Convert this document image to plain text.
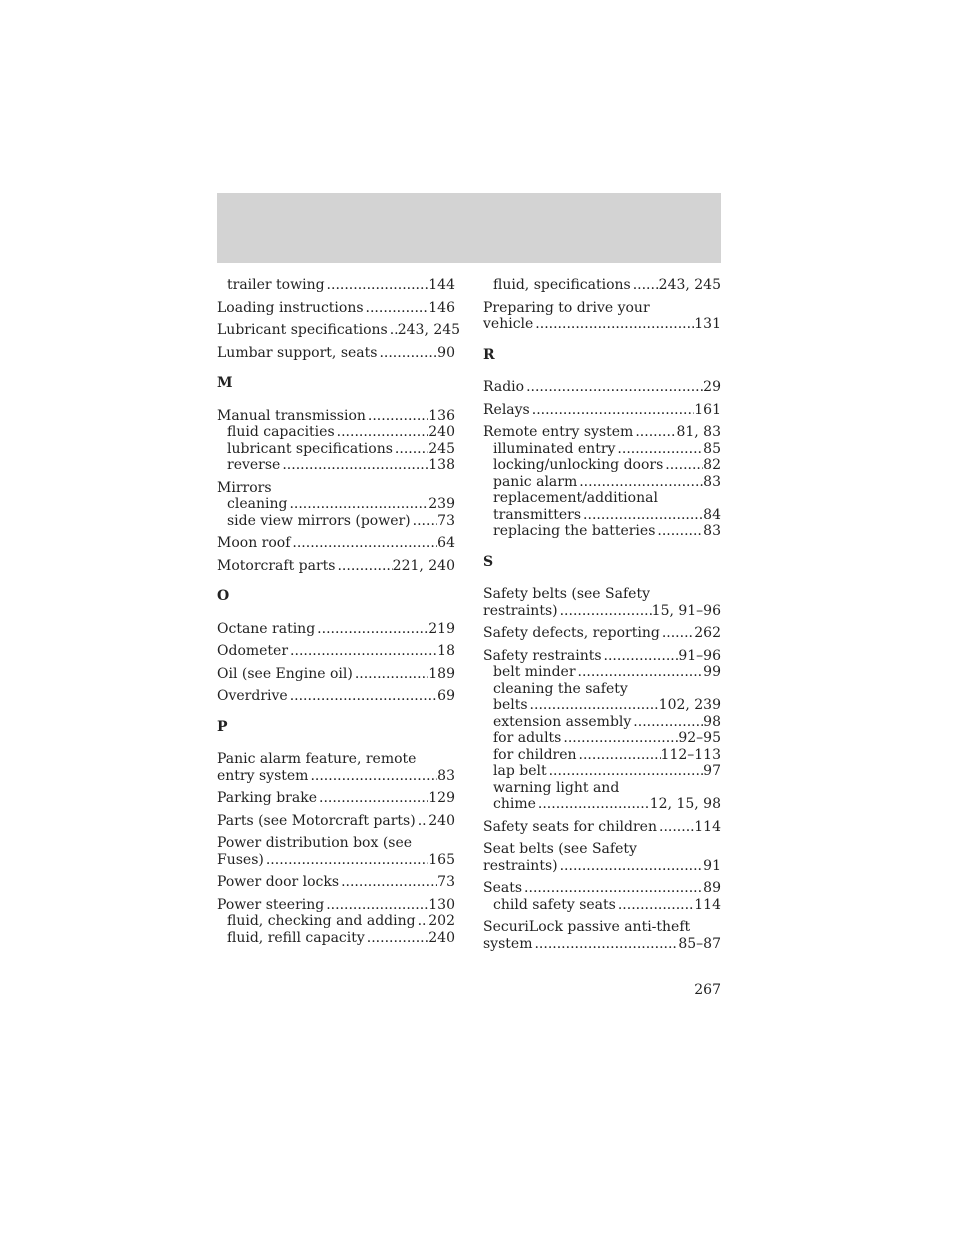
trailer towing .....	144
Loading instructions .....	146
Lubricant specifications ..... 243, 245
Lumbar support, seats .....	90
M
Manual transmission .....	136
fluid capacities .....	240
lubricant specifications .....	245
reverse .....	138
Mirrors
cleaning .....	239
side view mirrors (power) ..... 73
Moon roof .....	64
Motorcraft parts .....	221, 240
O
Octane rating .....	219
Odometer .....	18
Oil (see Engine oil) .....	189
Overdrive .....	69
P
Panic alarm feature, remote
entry system .....	83
Parking brake .....	129
Parts (see Motorcraft parts) ..... 240
Power distribution box (see
Fuses) .....	165
Power door locks .....	73
Power steering .....	130
fluid, checking and adding ..... 202
fluid, refill capacity .....	240
fluid, specifications ..... 243, 245
Preparing to drive your
vehicle .....	131
R
Radio .....	29
Relays .....	161
Remote entry system .....	81, 83
illuminated entry .....	85
locking/unlocking doors .....	82
panic alarm .....	83
replacement/additional
transmitters .....	84
replacing the batteries .....	83
S
Safety belts (see Safety
restraints) .....	15, 91–96
Safety defects, reporting ..... 262
Safety restraints .....	91–96
belt minder .....	99
cleaning the safety
belts .....	102, 239
extension assembly .....	98
for adults .....	92–95
for children .....	112–113
lap belt .....	97
warning light and
chime .....	12, 15, 98
Safety seats for children .....	114
Seat belts (see Safety
restraints) .....	91
Seats .....	89
child safety seats .....	114
SecuriLock passive anti-theft
system .....	85–87
267
